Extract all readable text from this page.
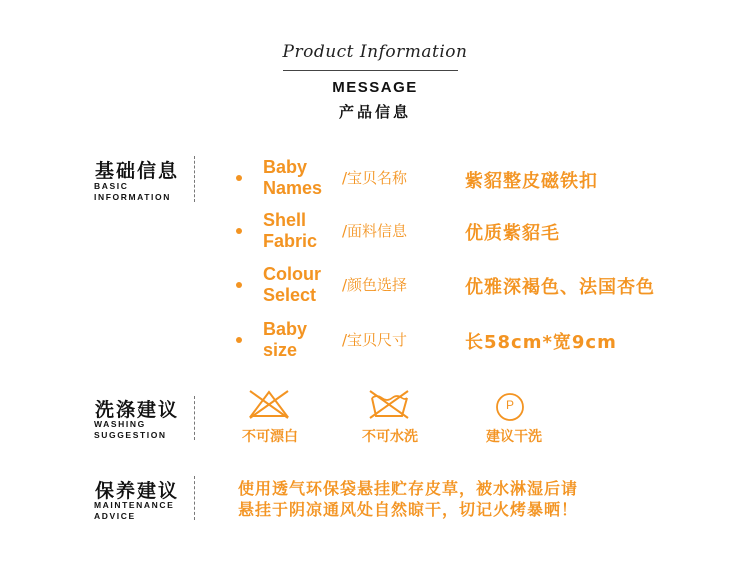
Product Information
MESSAGE
产品信息
基础信息
BASIC
INFORMATION
Baby
Names /宝贝名称	紫貂整皮磁铁扣
Shell
Fabric /面料信息	优质紫貂毛
Colour
Select	/颜色选择	优雅深褐色、法国杏色
Baby
size	/宝贝尺寸	长58cm*宽9cm
洗涤建议
WASHING
SUGGESTION	不可漂白	不可水洗
P
建议干洗
保养建议
MAINTENANCE
ADVICE
使用透气环保袋悬挂贮存皮草，被水淋湿后请
悬挂于阴凉通风处自然晾干，切记火烤暴晒！
